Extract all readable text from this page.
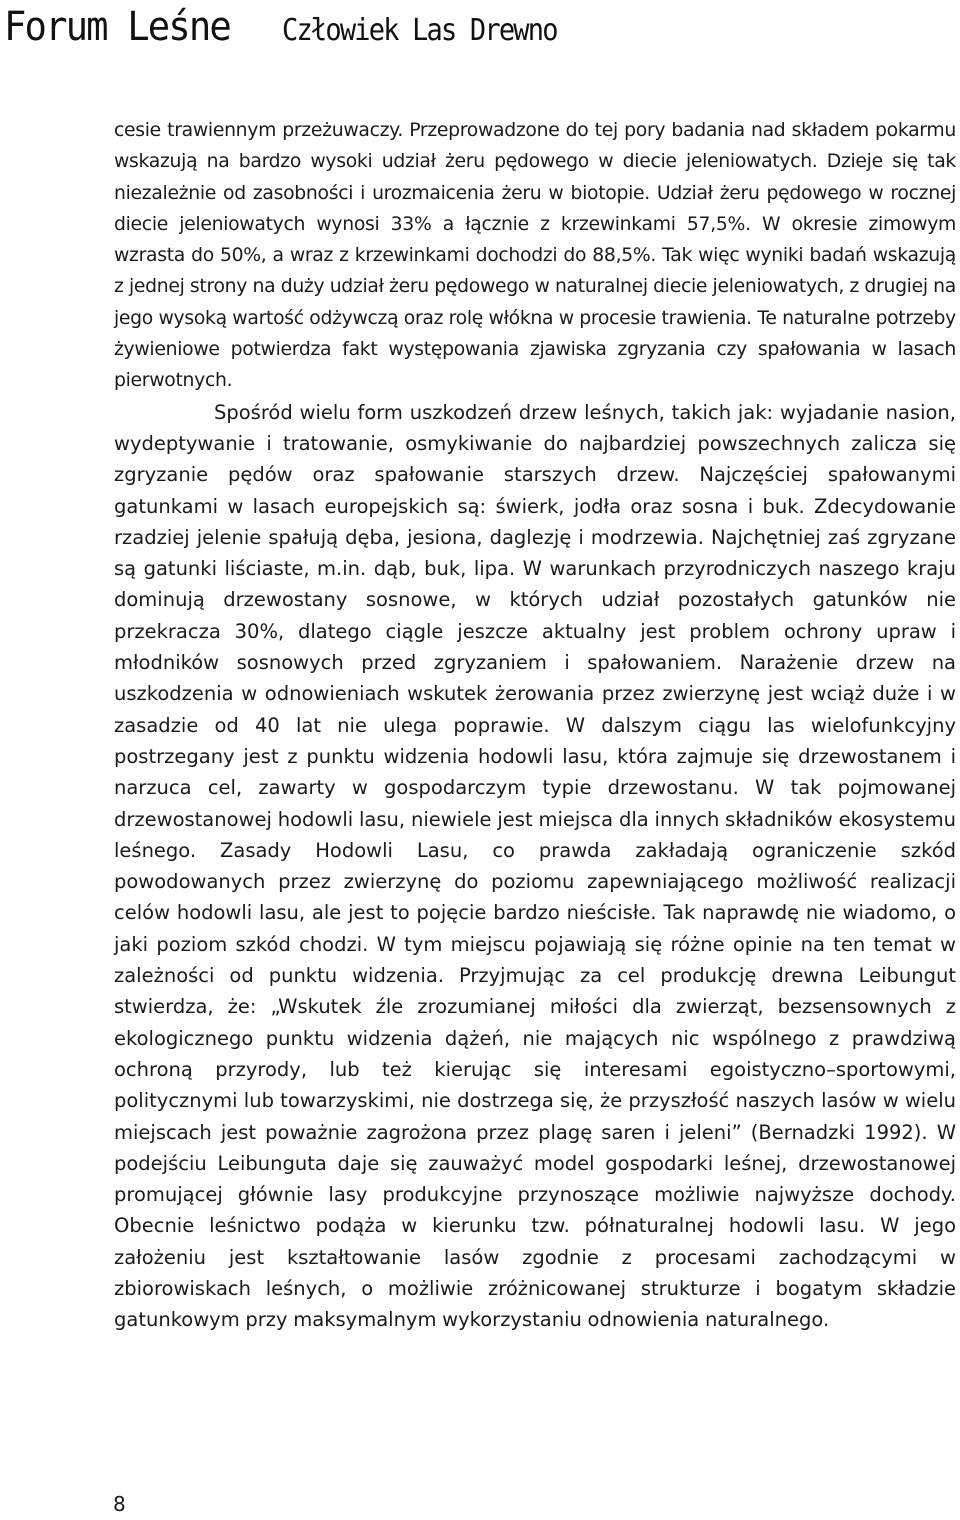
Forum Leśne Człowiek Las Drewno

cesie trawiennym przeżuwaczy. Przeprowadzone do tej pory badania nad składem pokarmu wskazują na bardzo wysoki udział żeru pędowego w diecie jeleniowatych. Dzieje się tak niezależnie od zasobności i urozmaicenia żeru w biotopie. Udział żeru pędowego w rocznej diecie jeleniowatych wynosi 33% a łącznie z krzewinkami 57,5%. W okresie zimowym wzrasta do 50%, a wraz z krzewinkami dochodzi do 88,5%. Tak więc wyniki badań wskazują z jednej strony na duży udział żeru pędowego w naturalnej diecie jeleniowatych, z drugiej na jego wysoką wartość odżywczą oraz rolę włókna w procesie trawienia. Te naturalne potrzeby żywieniowe potwierdza fakt występowania zjawiska zgryzania czy spałowania w lasach pierwotnych.

Spośród wielu form uszkodzeń drzew leśnych, takich jak: wyjadanie nasion, wydeptywanie i tratowanie, osmykiwanie do najbardziej powszechnych zalicza się zgryzanie pędów oraz spałowanie starszych drzew. Najczęściej spałowanymi gatunkami w lasach europejskich są: świerk, jodła oraz sosna i buk. Zdecydowanie rzadziej jelenie spałują dęba, jesiona, daglezję i modrzewia. Najchętniej zaś zgryzane są gatunki liściaste, m.in. dąb, buk, lipa. W warunkach przyrodniczych naszego kraju dominują drzewostany sosnowe, w których udział pozostałych gatunków nie przekracza 30%, dlatego ciągle jeszcze aktualny jest problem ochrony upraw i młodników sosnowych przed zgryzaniem i spałowaniem. Narażenie drzew na uszkodzenia w odnowieniach wskutek żerowania przez zwierzynę jest wciąż duże i w zasadzie od 40 lat nie ulega poprawie. W dalszym ciągu las wielofunkcyjny postrzegany jest z punktu widzenia hodowli lasu, która zajmuje się drzewostanem i narzuca cel, zawarty w gospodarczym typie drzewostanu. W tak pojmowanej drzewostanowej hodowli lasu, niewiele jest miejsca dla innych składników ekosystemu leśnego. Zasady Hodowli Lasu, co prawda zakładają ograniczenie szkód powodowanych przez zwierzynę do poziomu zapewniającego możliwość realizacji celów hodowli lasu, ale jest to pojęcie bardzo nieścisłe. Tak naprawdę nie wiadomo, o jaki poziom szkód chodzi. W tym miejscu pojawiają się różne opinie na ten temat w zależności od punktu widzenia. Przyjmując za cel produkcję drewna Leibungut stwierdza, że: „Wskutek źle zrozumianej miłości dla zwierząt, bezsensownych z ekologicznego punktu widzenia dążeń, nie mających nic wspólnego z prawdziwą ochroną przyrody, lub też kierując się interesami egoistyczno–sportowymi, politycznymi lub towarzyskimi, nie dostrzega się, że przyszłość naszych lasów w wielu miejscach jest poważnie zagrożona przez plagę saren i jeleni” (Bernadzki 1992). W podejściu Leibunguta daje się zauważyć model gospodarki leśnej, drzewostanowej promującej głównie lasy produkcyjne przynoszące możliwie najwyższe dochody. Obecnie leśnictwo podąża w kierunku tzw. półnaturalnej hodowli lasu. W jego założeniu jest kształtowanie lasów zgodnie z procesami zachodzącymi w zbiorowiskach leśnych, o możliwie zróżnicowanej strukturze i bogatym składzie gatunkowym przy maksymalnym wykorzystaniu odnowienia naturalnego.

8
